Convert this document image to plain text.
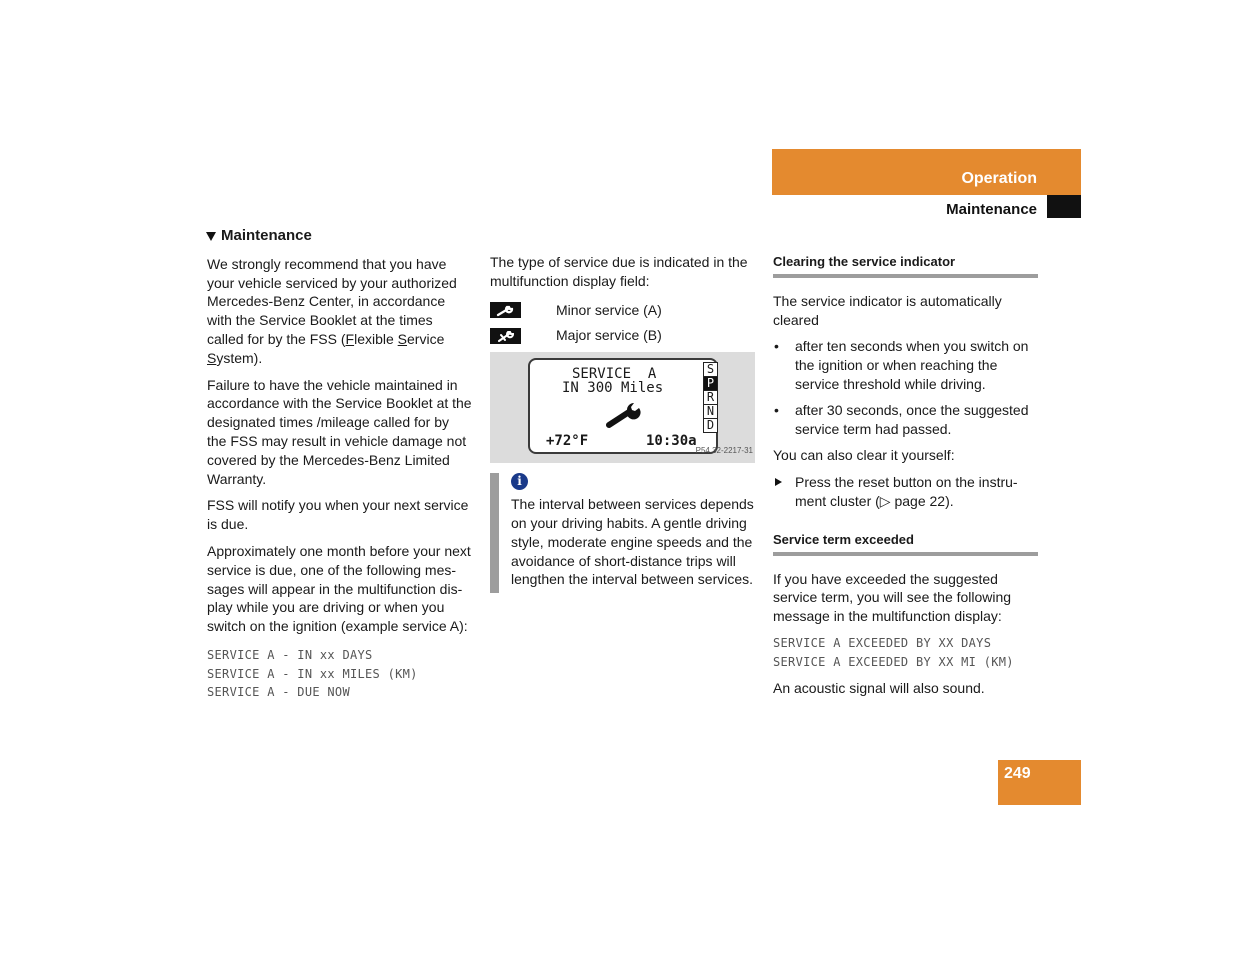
Operation
Maintenance
Maintenance

We strongly recommend that you have your vehicle serviced by your authorized Mercedes-Benz Center, in accordance with the Service Booklet at the times called for by the FSS (Flexible Service System).

Failure to have the vehicle maintained in accordance with the Service Booklet at the designated times /mileage called for by the FSS may result in vehicle damage not covered by the Mercedes-Benz Limited Warranty.

FSS will notify you when your next service is due.

Approximately one month before your next service is due, one of the following mes-sages will appear in the multifunction dis-play while you are driving or when you switch on the ignition (example service A):

SERVICE A - IN xx DAYS
SERVICE A - IN xx MILES (KM)
SERVICE A - DUE NOW

The type of service due is indicated in the multifunction display field:

Minor service (A)
Major service (B)
SERVICE  A
IN 300 Miles
+72°F	10:30a
S
P
R
N
D
P54.32-2217-31
i

The interval between services depends on your driving habits. A gentle driving style, moderate engine speeds and the avoidance of short-distance trips will lengthen the interval between services.

Clearing the service indicator

The service indicator is automatically cleared

• after ten seconds when you switch on the ignition or when reaching the service threshold while driving.
• after 30 seconds, once the suggested service term had passed.

You can also clear it yourself:

Press the reset button on the instru-ment cluster (▷ page 22).
Service term exceeded

If you have exceeded the suggested service term, you will see the following message in the multifunction display:

SERVICE A EXCEEDED BY XX DAYS
SERVICE A EXCEEDED BY XX MI (KM)

An acoustic signal will also sound.

249
